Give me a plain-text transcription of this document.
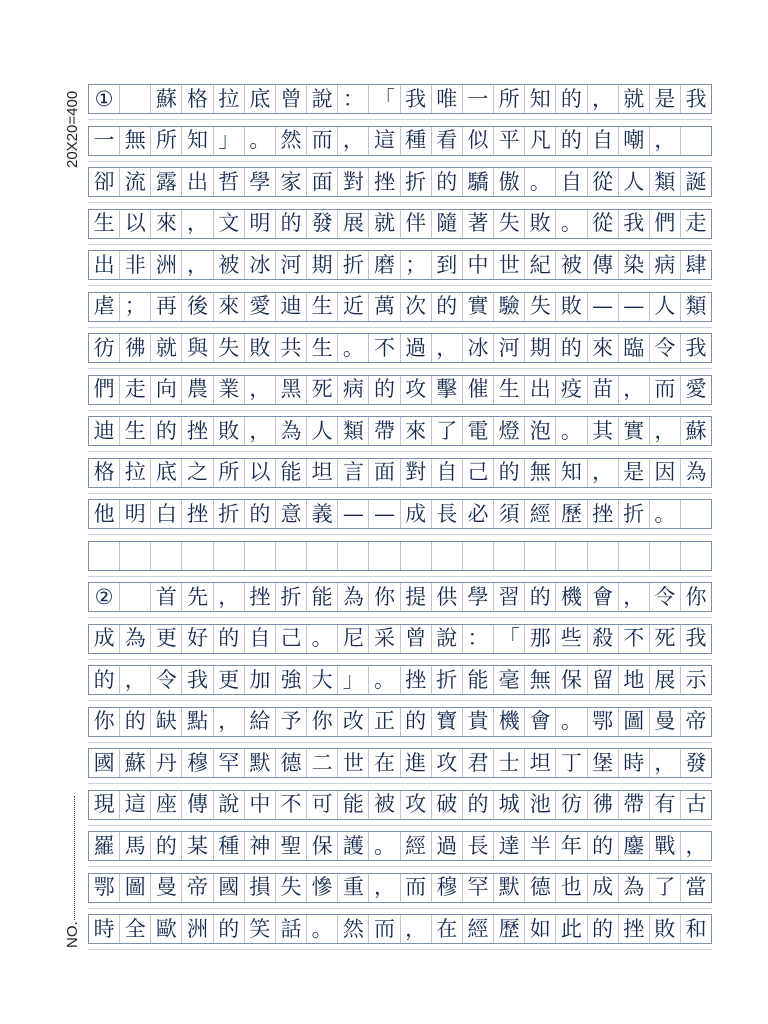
20X20=400
NO.
①	蘇 格 拉 底 曾 說 ： 「 我 唯 一 所 知 的 ， 就 是 我
一 無 所 知 」 。 然 而 ， 這 種 看 似 平 凡 的 自 嘲 ，
卻 流 露 出 哲 學 家 面 對 挫 折 的 驕 傲 。 自 從 人 類 誕
生 以 來 ， 文 明 的 發 展 就 伴 隨 著 失 敗 。 從 我 們 走
出 非 洲 ， 被 冰 河 期 折 磨 ； 到 中 世 紀 被 傳 染 病 肆
虐 ； 再 後 來 愛 迪 生 近 萬 次 的 實 驗 失 敗 — — 人 類
彷 彿 就 與 失 敗 共 生 。 不 過 ， 冰 河 期 的 來 臨 令 我
們 走 向 農 業 ， 黑 死 病 的 攻 擊 催 生 出 疫 苗 ， 而 愛
迪 生 的 挫 敗 ， 為 人 類 帶 來 了 電 燈 泡 。 其 實 ， 蘇
格 拉 底 之 所 以 能 坦 言 面 對 自 己 的 無 知 ， 是 因 為
他 明 白 挫 折 的 意 義 — — 成 長 必 須 經 歷 挫 折 。
②	首 先 ， 挫 折 能 為 你 提 供 學 習 的 機 會 ， 令 你
成 為 更 好 的 自 己 。 尼 采 曾 說 ： 「 那 些 殺 不 死 我
的 ， 令 我 更 加 強 大 」 。 挫 折 能 毫 無 保 留 地 展 示
你 的 缺 點 ， 給 予 你 改 正 的 寶 貴 機 會 。 鄂 圖 曼 帝
國 蘇 丹 穆 罕 默 德 二 世 在 進 攻 君 士 坦 丁 堡 時 ， 發
現 這 座 傳 說 中 不 可 能 被 攻 破 的 城 池 彷 彿 帶 有 古
羅 馬 的 某 種 神 聖 保 護 。 經 過 長 達 半 年 的 鏖 戰 ，
鄂 圖 曼 帝 國 損 失 慘 重 ， 而 穆 罕 默 德 也 成 為 了 當
時 全 歐 洲 的 笑 話 。 然 而 ， 在 經 歷 如 此 的 挫 敗 和
